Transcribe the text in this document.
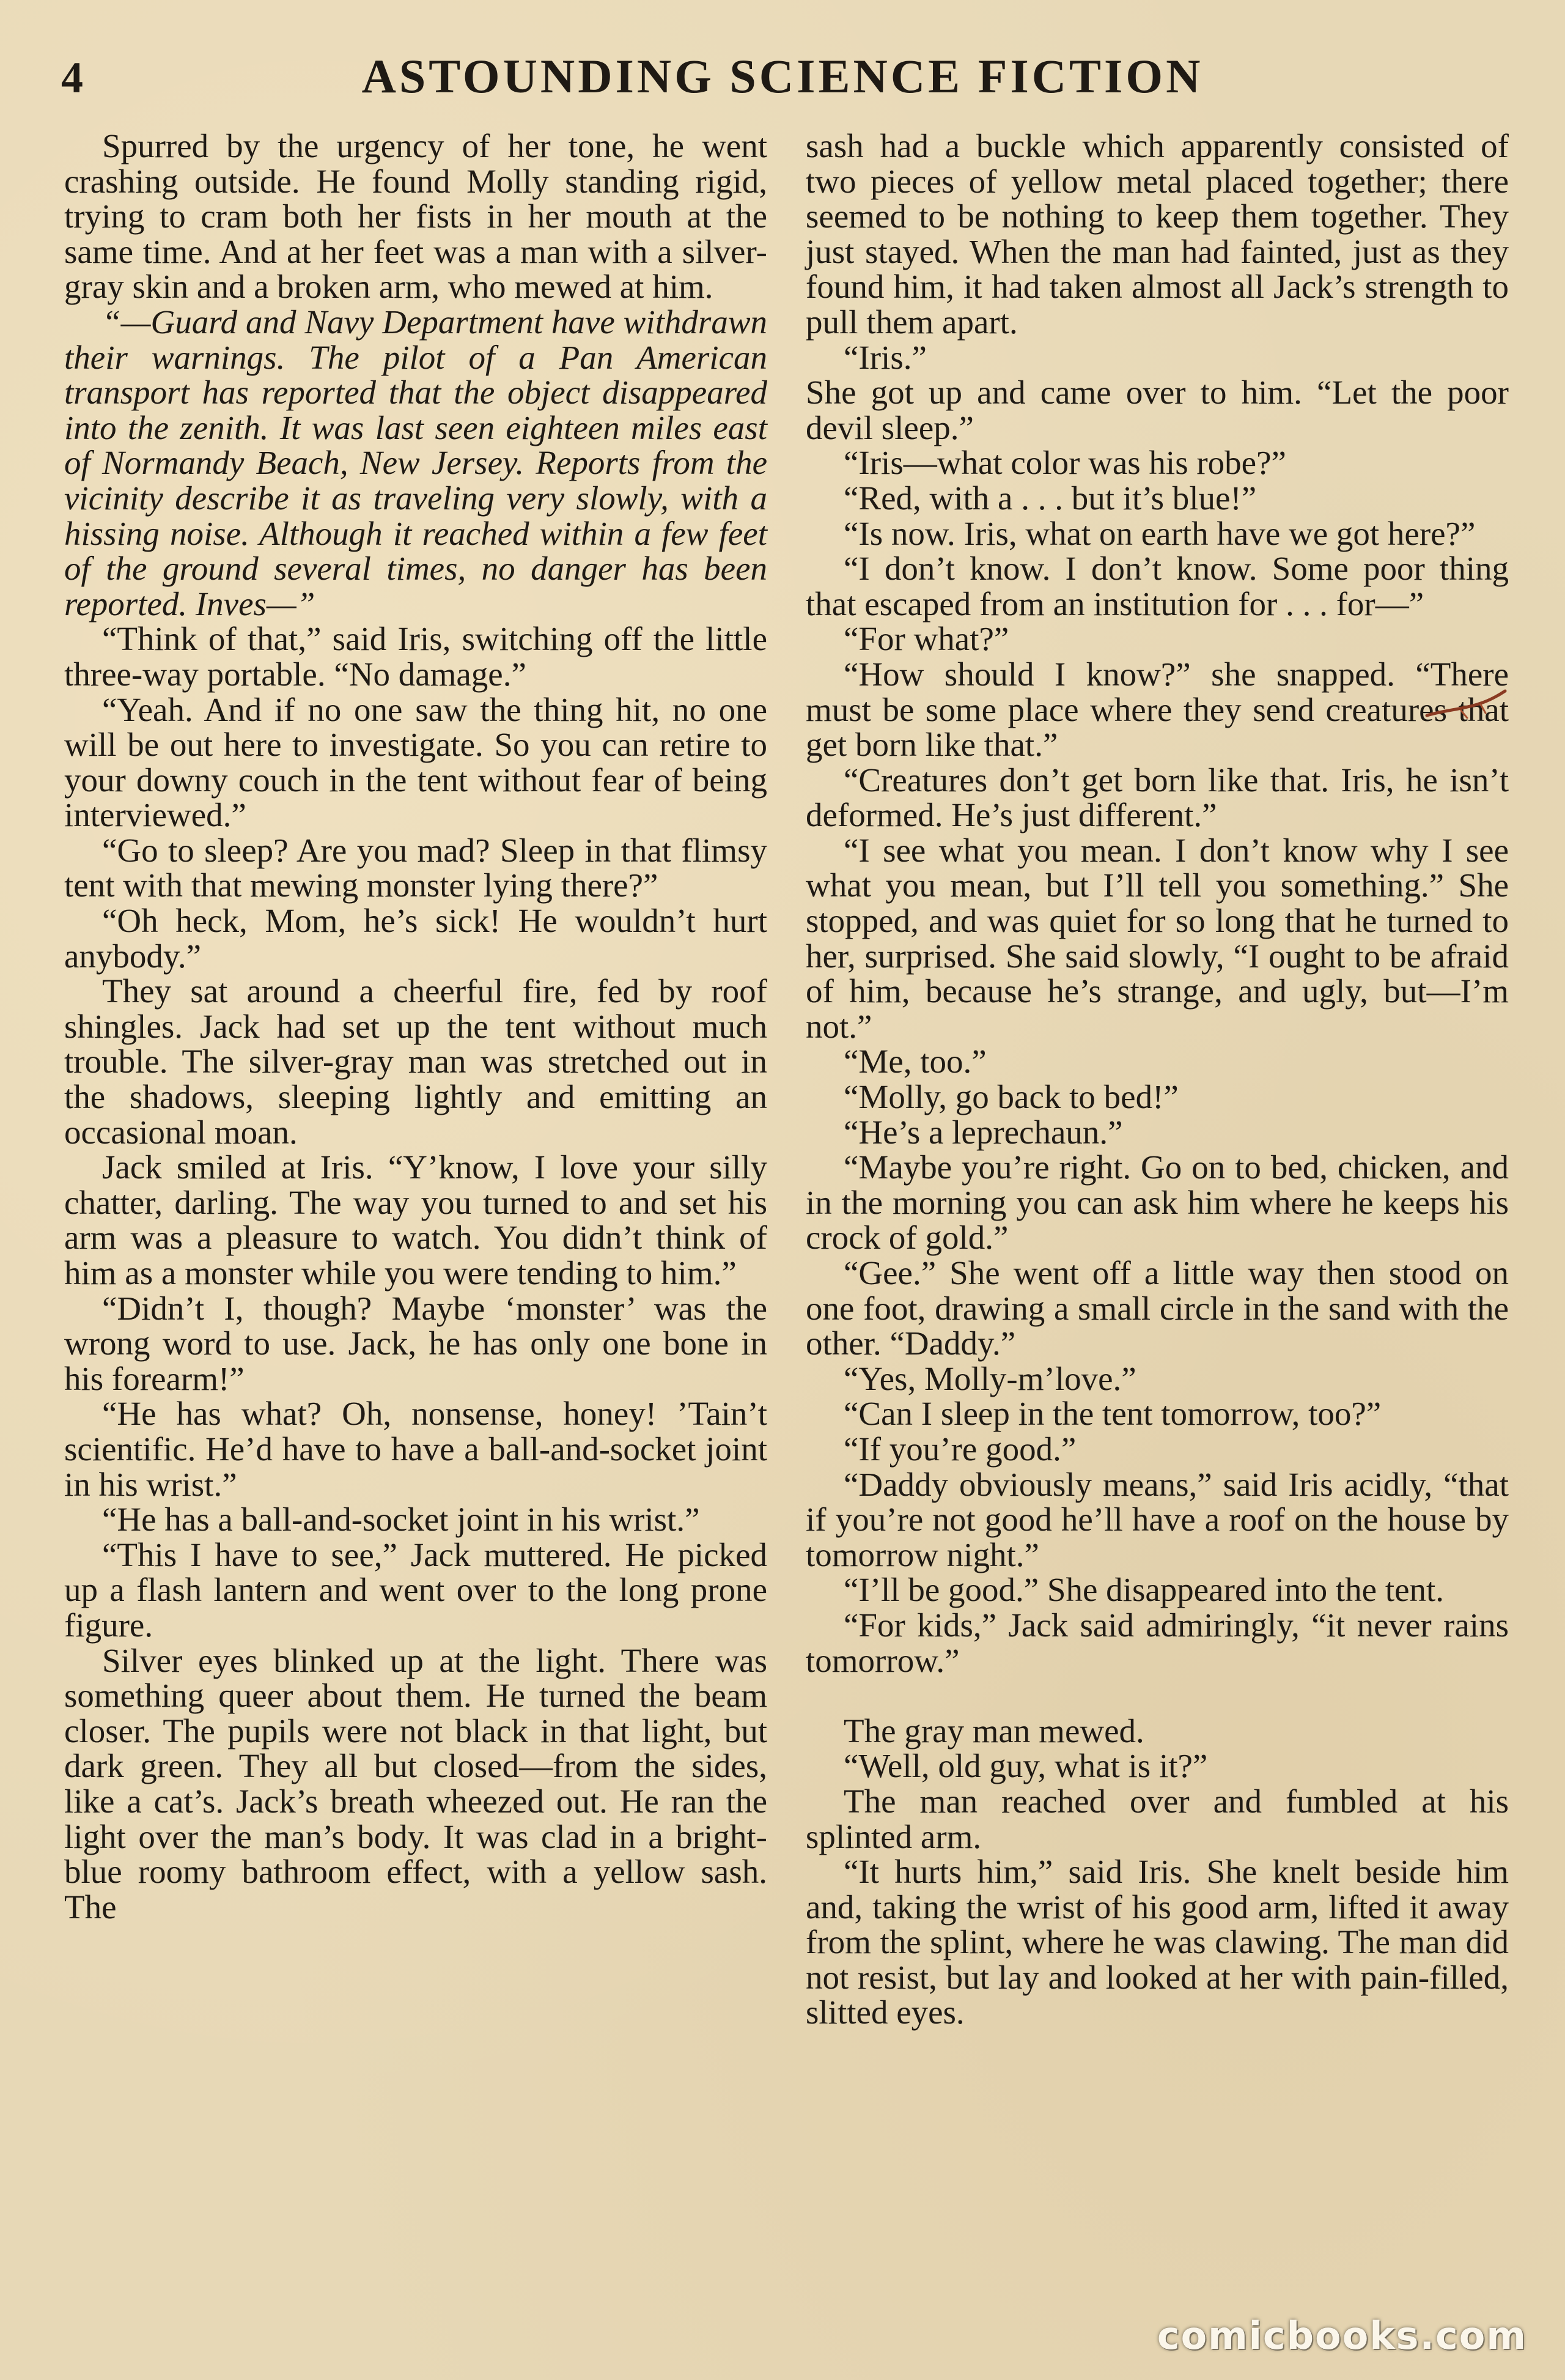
4	ASTOUNDING SCIENCE FICTION

Spurred by the urgency of her tone, he went crashing outside. He found Molly standing rigid, trying to cram both her fists in her mouth at the same time. And at her feet was a man with a silver-gray skin and a broken arm, who mewed at him.

“—Guard and Navy Department have withdrawn their warnings. The pilot of a Pan American transport has reported that the object disappeared into the zenith. It was last seen eighteen miles east of Normandy Beach, New Jersey. Reports from the vicinity describe it as traveling very slowly, with a hissing noise. Although it reached within a few feet of the ground several times, no danger has been reported. Inves—”

“Think of that,” said Iris, switching off the little three-way portable. “No damage.”

“Yeah. And if no one saw the thing hit, no one will be out here to investigate. So you can retire to your downy couch in the tent without fear of being interviewed.”

“Go to sleep? Are you mad? Sleep in that flimsy tent with that mewing monster lying there?”

“Oh heck, Mom, he’s sick! He wouldn’t hurt anybody.”

They sat around a cheerful fire, fed by roof shingles. Jack had set up the tent without much trouble. The silver-gray man was stretched out in the shadows, sleeping lightly and emitting an occasional moan.

Jack smiled at Iris. “Y’know, I love your silly chatter, darling. The way you turned to and set his arm was a pleasure to watch. You didn’t think of him as a monster while you were tending to him.”

“Didn’t I, though? Maybe ‘monster’ was the wrong word to use. Jack, he has only one bone in his forearm!”

“He has what? Oh, nonsense, honey! ’Tain’t scientific. He’d have to have a ball-and-socket joint in his wrist.”

“He has a ball-and-socket joint in his wrist.”

“This I have to see,” Jack muttered. He picked up a flash lantern and went over to the long prone figure.

Silver eyes blinked up at the light. There was something queer about them. He turned the beam closer. The pupils were not black in that light, but dark green. They all but closed—from the sides, like a cat’s. Jack’s breath wheezed out. He ran the light over the man’s body. It was clad in a bright-blue roomy bathroom effect, with a yellow sash. The

sash had a buckle which apparently consisted of two pieces of yellow metal placed together; there seemed to be nothing to keep them together. They just stayed. When the man had fainted, just as they found him, it had taken almost all Jack’s strength to pull them apart.

“Iris.”

She got up and came over to him. “Let the poor devil sleep.”

“Iris—what color was his robe?”

“Red, with a . . . but it’s blue!”

“Is now. Iris, what on earth have we got here?”

“I don’t know. I don’t know. Some poor thing that escaped from an institution for . . . for—”

“For what?”

“How should I know?” she snapped. “There must be some place where they send creatures that get born like that.”

“Creatures don’t get born like that. Iris, he isn’t deformed. He’s just different.”

“I see what you mean. I don’t know why I see what you mean, but I’ll tell you something.” She stopped, and was quiet for so long that he turned to her, surprised. She said slowly, “I ought to be afraid of him, because he’s strange, and ugly, but—I’m not.”

“Me, too.”

“Molly, go back to bed!”

“He’s a leprechaun.”

“Maybe you’re right. Go on to bed, chicken, and in the morning you can ask him where he keeps his crock of gold.”

“Gee.” She went off a little way then stood on one foot, drawing a small circle in the sand with the other. “Daddy.”

“Yes, Molly-m’love.”

“Can I sleep in the tent tomorrow, too?”

“If you’re good.”

“Daddy obviously means,” said Iris acidly, “that if you’re not good he’ll have a roof on the house by tomorrow night.”

“I’ll be good.” She disappeared into the tent.

“For kids,” Jack said admiringly, “it never rains tomorrow.”

The gray man mewed.

“Well, old guy, what is it?”

The man reached over and fumbled at his splinted arm.

“It hurts him,” said Iris. She knelt beside him and, taking the wrist of his good arm, lifted it away from the splint, where he was clawing. The man did not resist, but lay and looked at her with pain-filled, slitted eyes.

comicbooks.com
